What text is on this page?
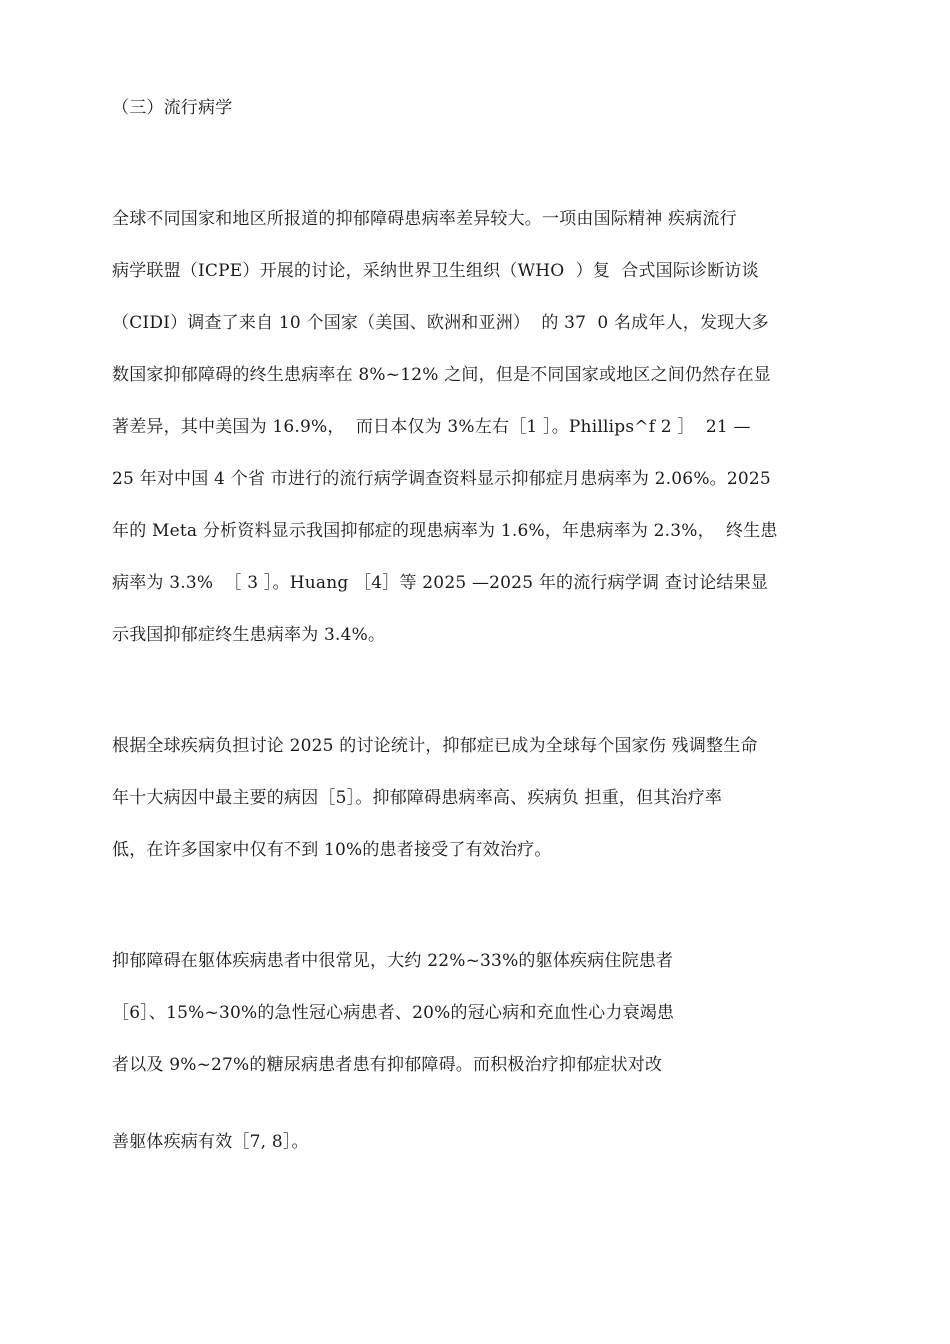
（三）流行病学
全球不同国家和地区所报道的抑郁障碍患病率差异较大。一项由国际精神 疾病流行
病学联盟（ICPE）开展的讨论，采纳世界卫生组织（WHO  ）复  合式国际诊断访谈
（CIDI）调查了来自 10 个国家（美国、欧洲和亚洲）  的 37  0 名成年人，发现大多
数国家抑郁障碍的终生患病率在 8%~12% 之间，但是不同国家或地区之间仍然存在显
著差异，其中美国为 16.9%，  而日本仅为 3%左右［1 ］。Phillips^f 2 ］  21 —
25 年对中国 4 个省 市进行的流行病学调查资料显示抑郁症月患病率为 2.06%。2025
年的 Meta 分析资料显示我国抑郁症的现患病率为 1.6%，年患病率为 2.3%，  终生患
病率为 3.3%  ［ 3 ］。Huang ［4］等 2025 —2025 年的流行病学调 查讨论结果显
示我国抑郁症终生患病率为 3.4%。
根据全球疾病负担讨论 2025 的讨论统计，抑郁症已成为全球每个国家伤 残调整生命
年十大病因中最主要的病因［5］。抑郁障碍患病率高、疾病负 担重，但其治疗率
低，在许多国家中仅有不到 10%的患者接受了有效治疗。
抑郁障碍在躯体疾病患者中很常见，大约 22%~33%的躯体疾病住院患者
［6］、15%~30%的急性冠心病患者、20%的冠心病和充血性心力衰竭患
者以及 9%~27%的糖尿病患者患有抑郁障碍。而积极治疗抑郁症状对改
善躯体疾病有效［7, 8］。
